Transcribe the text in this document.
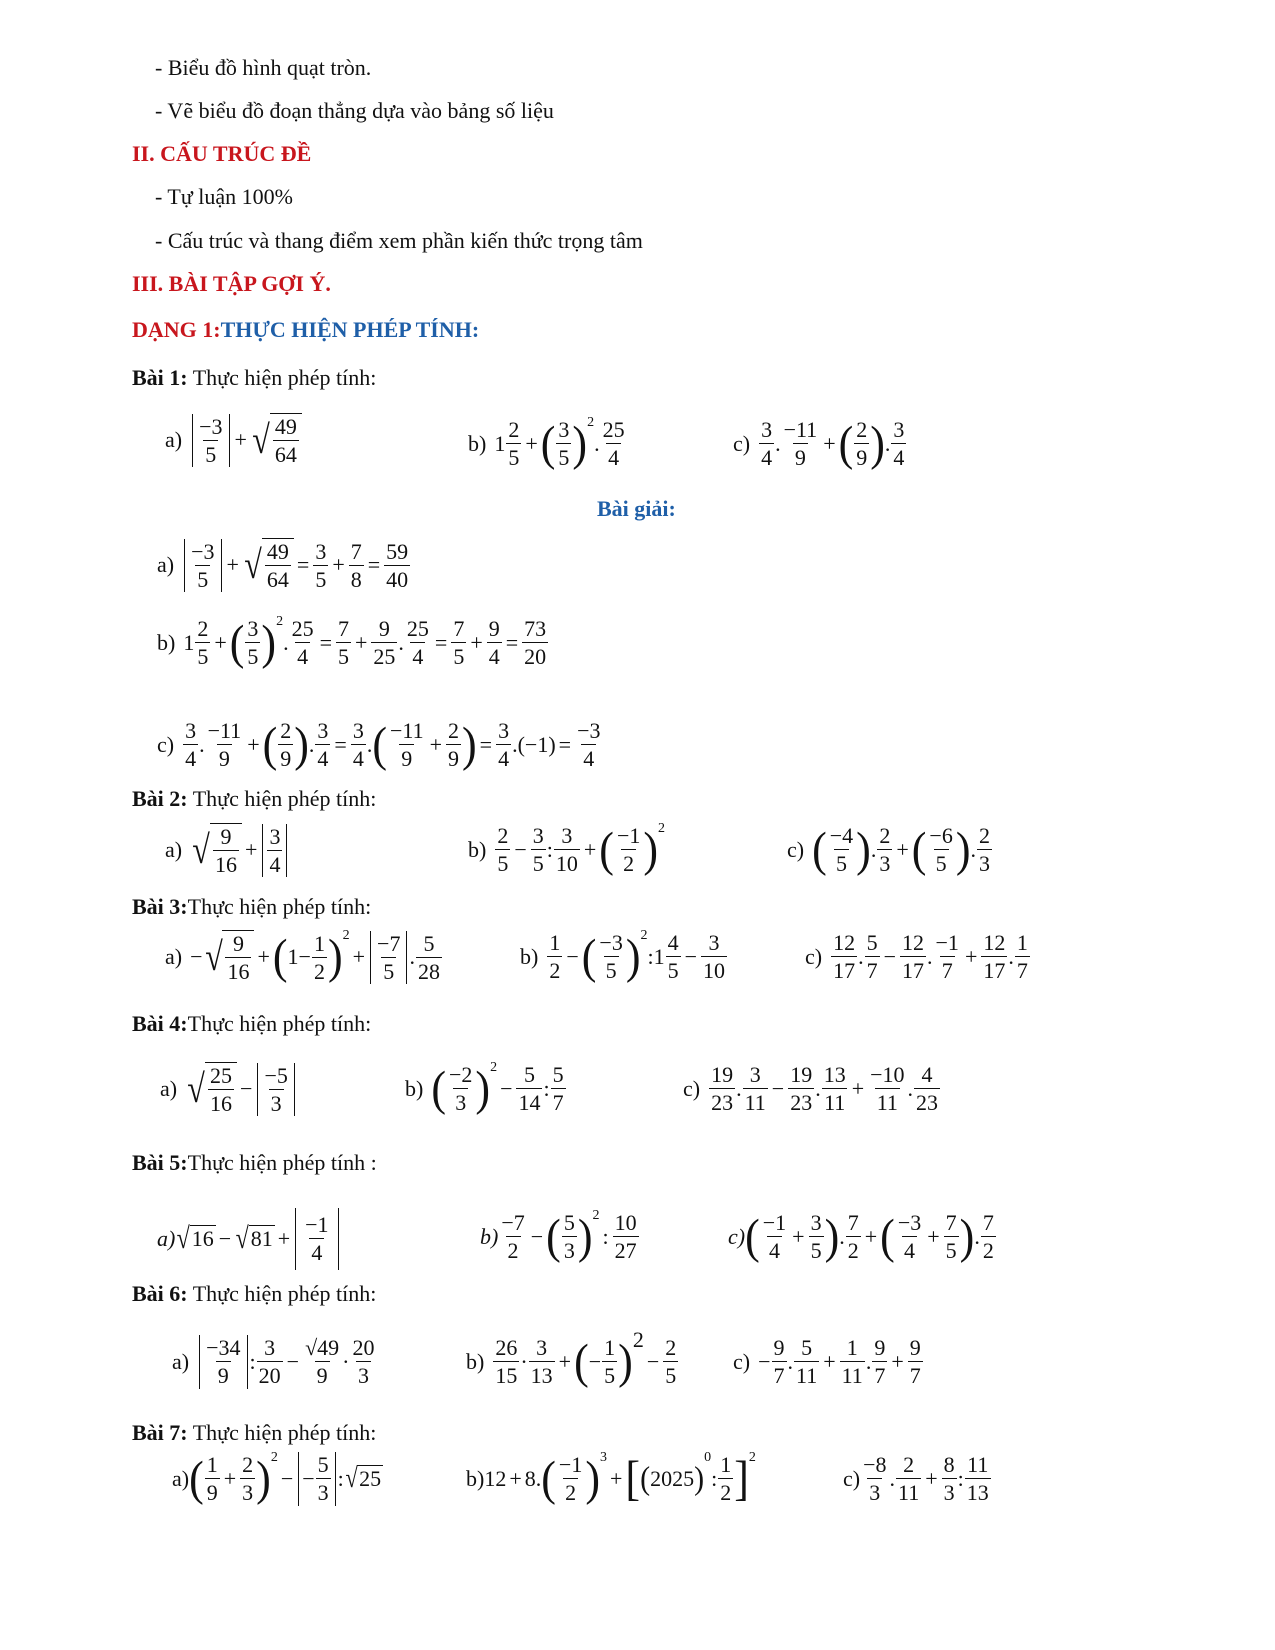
- Biểu đồ hình quạt tròn.
- Vẽ biểu đồ đoạn thẳng dựa vào bảng số liệu
II. CẤU TRÚC ĐỀ
- Tự luận 100%
- Cấu trúc và thang điểm xem phần kiến thức trọng tâm
III. BÀI TẬP GỢI Ý.
DẠNG 1:THỰC HIỆN PHÉP TÍNH:
Bài 1: Thực hiện phép tính:
a)
−3
5
+ √ 49
64	b) 1
2
5
+ ( 3
5 ) 2
.
25
4
c)
3
4
.
−11
9
+ ( 2
9 ) .
3
4
Bài giải:
a)
−3
5
+ √ 49
64
= $\frac{3}{5} + \frac{7}{8} = \frac{59}{40}$
b) 1
2
5
+ ( 3
5 ) 2
. $\frac{25}{4} = \frac{7}{5} + \frac{9}{25}$ . $\frac{25}{4} = \frac{7}{5} + \frac{9}{4} = \frac{73}{20}$
c)
3
4
.
−11
9
+ ( 2
9 ) . $\frac{3}{4} = \frac{3}{4}$ . ( −11
9
+ $\frac{2}{9}$ ) = $\frac{3}{4} .(-1) = \frac{-3}{4}$
Bài 2: Thực hiện phép tính:
a) √ 9
16
+
3
4
b)
2
5
− $\frac{3}{5}$ :
3
10
+ ( −1
2 ) 2
c) ( −4
5 ) .
2
3
+ ( −6
5 ) .
2
3
Bài 3:Thực hiện phép tính:
a) − √ 9
16
+ ( 1−
1
2 ) 2
+
−7
5
.
5
28
b)
1
2
− ( −3
5 ) 2
:1
4
5
− $\frac{3}{10}$	c)
12
17
.
5
7
− $\frac{12}{17}$ .
−1
7
+ $\frac{12}{17}$ .
1
7
Bài 4:Thực hiện phép tính:
a) √ 25
16
−
−5
3
b) ( −2
3 ) 2
− $\frac{5}{14}$ :
5
7
c)
19
23
.
3
11
− $\frac{19}{23}$ .
13
11
+ $\frac{-10}{11}$ .
4
23
Bài 5:Thực hiện phép tính :
a) √ 16 − √ 81 +
−1
4
b)
−7
2
− ( 5
3 ) 2
:
10
27
c) ( −1
4
+ $\frac{3}{5}$ ) .
7
2
+ ( −3
4
+ $\frac{7}{5}$ ) .
7
2
Bài 6: Thực hiện phép tính:
a)
−34
9
:
3
20
− $\frac{√49}{9}$ ·
20
3
b)
26
15
·
3
13
+ ( −
1
5 ) 2
− $\frac{2}{5} c$) −
9
7
.
5
11
+ $\frac{1}{11}$ .
9
7
+ $\frac{9}{7}$
Bài 7: Thực hiện phép tính:
a) ( 1
9
+ $\frac{2}{3}$ ) 2
− −
5
3
: √ 25	b) 12 + 8. ( −1
2 ) 3
+ [ ( 2025 )
0
:
1
2 ] 2
c)
−8
3
.
2
11
+ $\frac{8}{3}$ :
11
13
